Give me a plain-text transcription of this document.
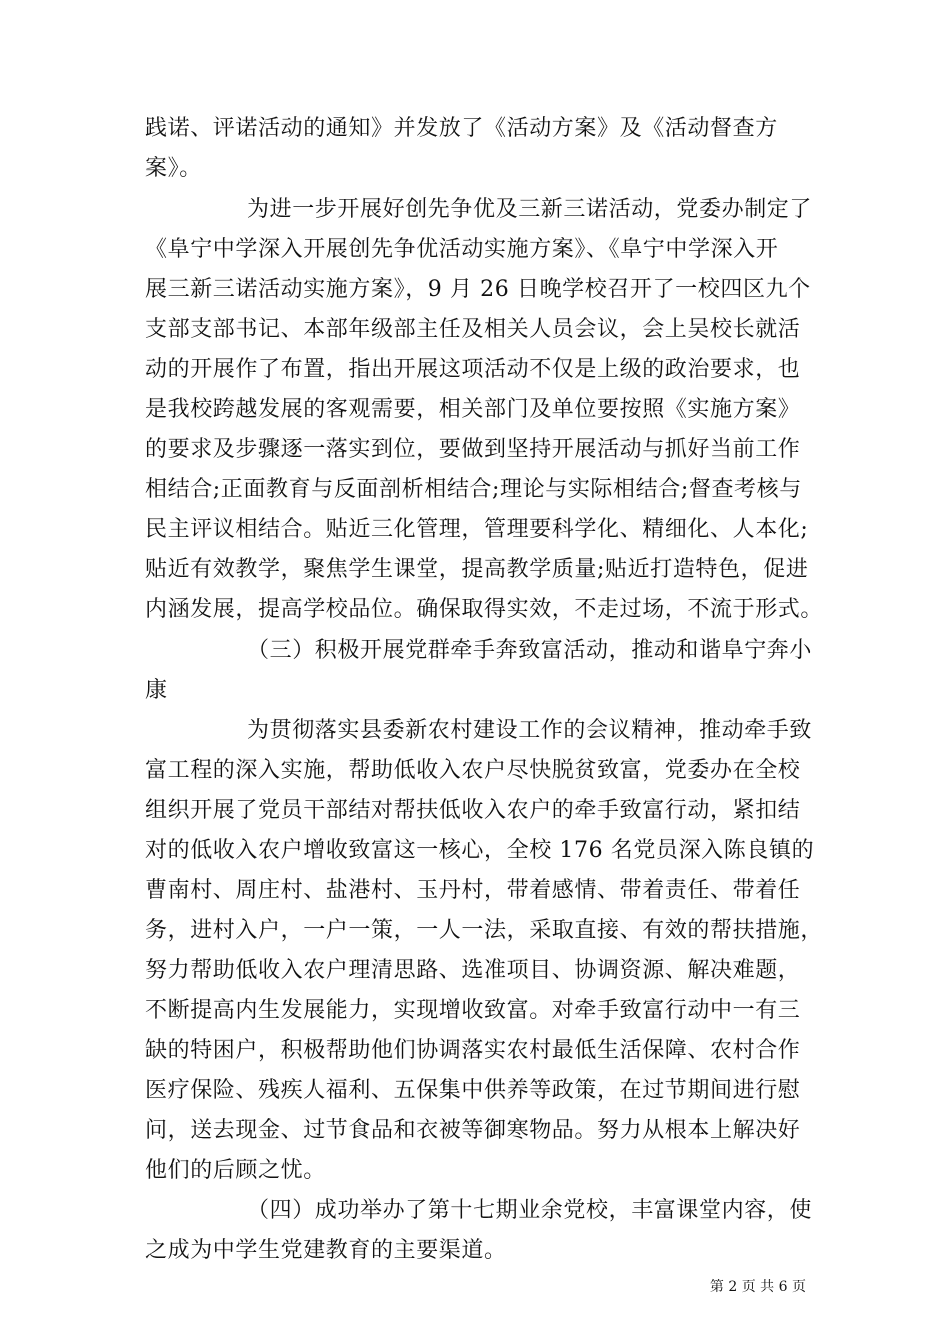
践诺、评诺活动的通知》并发放了《活动方案》及《活动督查方
案》。
为进一步开展好创先争优及三新三诺活动，党委办制定了
《阜宁中学深入开展创先争优活动实施方案》、《阜宁中学深入开
展三新三诺活动实施方案》，9 月 26 日晚学校召开了一校四区九个
支部支部书记、本部年级部主任及相关人员会议，会上吴校长就活
动的开展作了布置，指出开展这项活动不仅是上级的政治要求，也
是我校跨越发展的客观需要，相关部门及单位要按照《实施方案》
的要求及步骤逐一落实到位，要做到坚持开展活动与抓好当前工作
相结合;正面教育与反面剖析相结合;理论与实际相结合;督查考核与
民主评议相结合。贴近三化管理，管理要科学化、精细化、人本化;
贴近有效教学，聚焦学生课堂，提高教学质量;贴近打造特色，促进
内涵发展，提高学校品位。确保取得实效，不走过场，不流于形式。
（三）积极开展党群牵手奔致富活动，推动和谐阜宁奔小
康
为贯彻落实县委新农村建设工作的会议精神，推动牵手致
富工程的深入实施，帮助低收入农户尽快脱贫致富，党委办在全校
组织开展了党员干部结对帮扶低收入农户的牵手致富行动，紧扣结
对的低收入农户增收致富这一核心，全校 176 名党员深入陈良镇的
曹南村、周庄村、盐港村、玉丹村，带着感情、带着责任、带着任
务，进村入户，一户一策，一人一法，采取直接、有效的帮扶措施，
努力帮助低收入农户理清思路、选准项目、协调资源、解决难题，
不断提高内生发展能力，实现增收致富。对牵手致富行动中一有三
缺的特困户，积极帮助他们协调落实农村最低生活保障、农村合作
医疗保险、残疾人福利、五保集中供养等政策，在过节期间进行慰
问，送去现金、过节食品和衣被等御寒物品。努力从根本上解决好
他们的后顾之忧。
（四）成功举办了第十七期业余党校，丰富课堂内容，使
之成为中学生党建教育的主要渠道。
第 2 页 共 6 页
